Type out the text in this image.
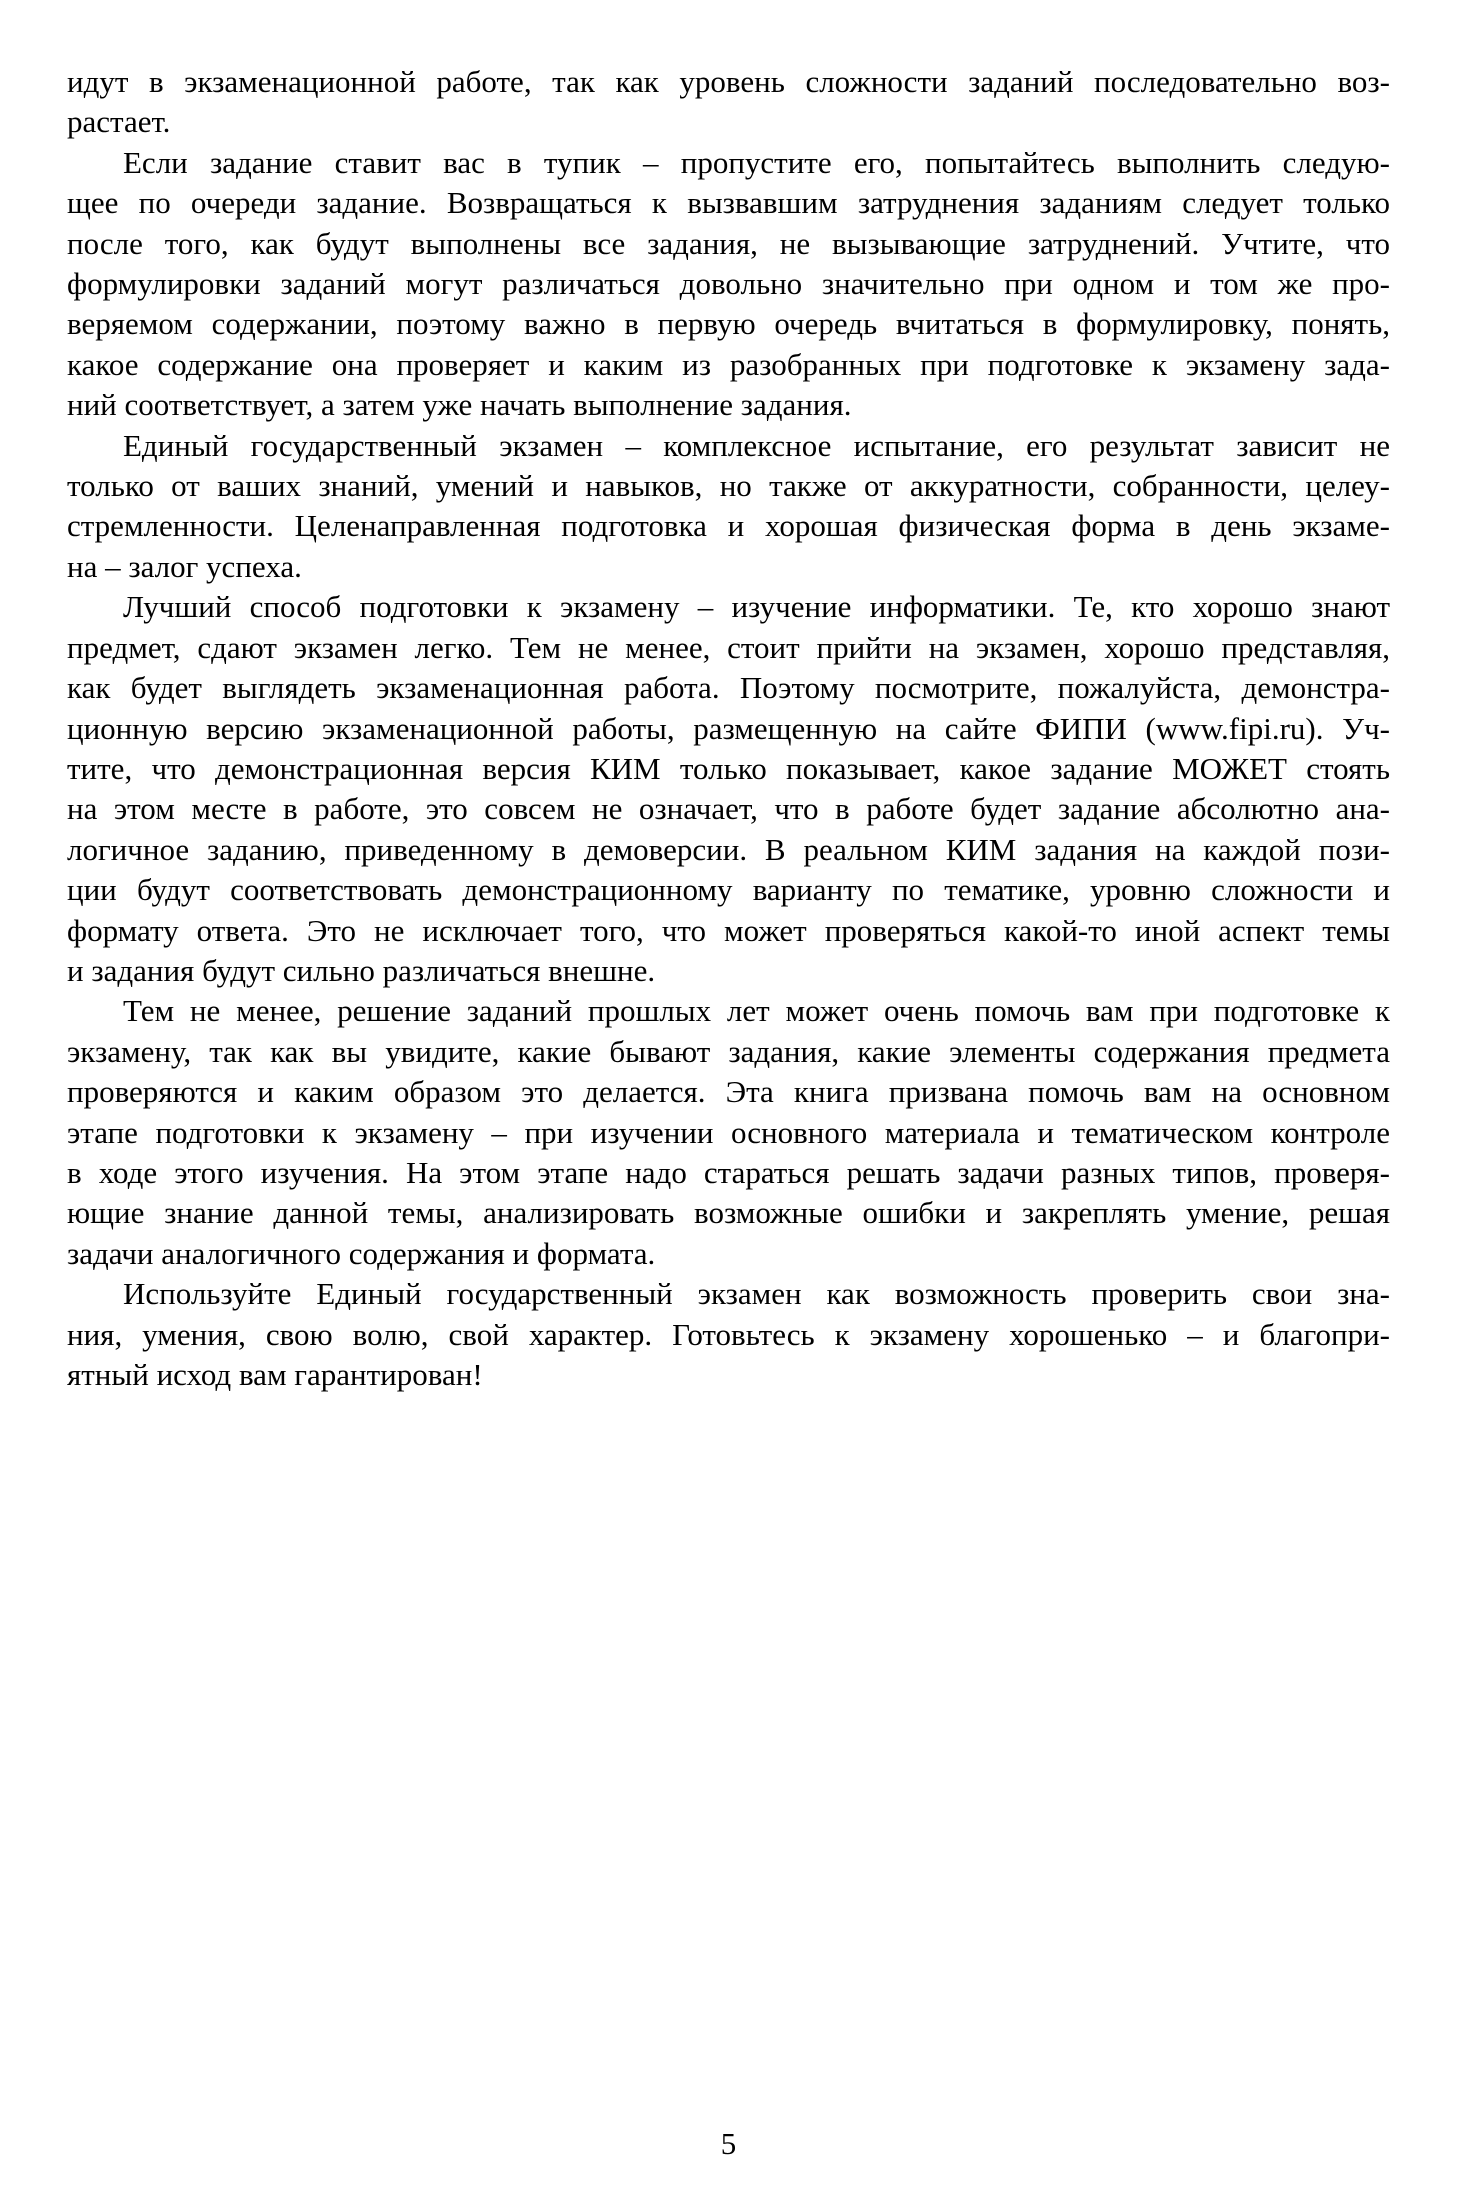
идут в экзаменационной работе, так как уровень сложности заданий последовательно воз-
растает.

Если задание ставит вас в тупик – пропустите его, попытайтесь выполнить следую-
щее по очереди задание. Возвращаться к вызвавшим затруднения заданиям следует только
после того, как будут выполнены все задания, не вызывающие затруднений. Учтите, что
формулировки заданий могут различаться довольно значительно при одном и том же про-
веряемом содержании, поэтому важно в первую очередь вчитаться в формулировку, понять,
какое содержание она проверяет и каким из разобранных при подготовке к экзамену зада-
ний соответствует, а затем уже начать выполнение задания.

Единый государственный экзамен – комплексное испытание, его результат зависит не
только от ваших знаний, умений и навыков, но также от аккуратности, собранности, целеу-
стремленности. Целенаправленная подготовка и хорошая физическая форма в день экзаме-
на – залог успеха.

Лучший способ подготовки к экзамену – изучение информатики. Те, кто хорошо знают
предмет, сдают экзамен легко. Тем не менее, стоит прийти на экзамен, хорошо представляя,
как будет выглядеть экзаменационная работа. Поэтому посмотрите, пожалуйста, демонстра-
ционную версию экзаменационной работы, размещенную на сайте ФИПИ (www.fipi.ru). Уч-
тите, что демонстрационная версия КИМ только показывает, какое задание МОЖЕТ стоять
на этом месте в работе, это совсем не означает, что в работе будет задание абсолютно ана-
логичное заданию, приведенному в демоверсии. В реальном КИМ задания на каждой пози-
ции будут соответствовать демонстрационному варианту по тематике, уровню сложности и
формату ответа. Это не исключает того, что может проверяться какой-то иной аспект темы
и задания будут сильно различаться внешне.

Тем не менее, решение заданий прошлых лет может очень помочь вам при подготовке к
экзамену, так как вы увидите, какие бывают задания, какие элементы содержания предмета
проверяются и каким образом это делается. Эта книга призвана помочь вам на основном
этапе подготовки к экзамену – при изучении основного материала и тематическом контроле
в ходе этого изучения. На этом этапе надо стараться решать задачи разных типов, проверя-
ющие знание данной темы, анализировать возможные ошибки и закреплять умение, решая
задачи аналогичного содержания и формата.

Используйте Единый государственный экзамен как возможность проверить свои зна-
ния, умения, свою волю, свой характер. Готовьтесь к экзамену хорошенько – и благопри-
ятный исход вам гарантирован!

5
